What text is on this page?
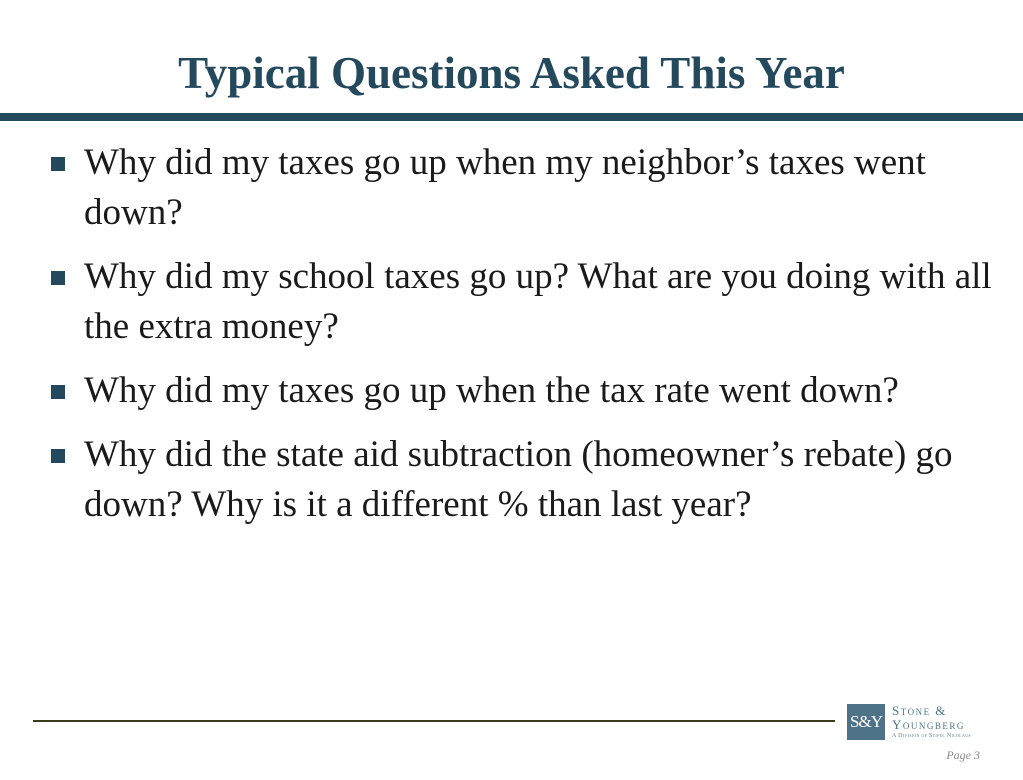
Typical Questions Asked This Year
Why did my taxes go up when my neighbor’s taxes went down?
Why did my school taxes go up? What are you doing with all the extra money?
Why did my taxes go up when the tax rate went down?
Why did the state aid subtraction (homeowner’s rebate) go down? Why is it a different % than last year?
S&Y
Stone &
Youngberg
A Division of Stifel Nicolaus
Page 3
